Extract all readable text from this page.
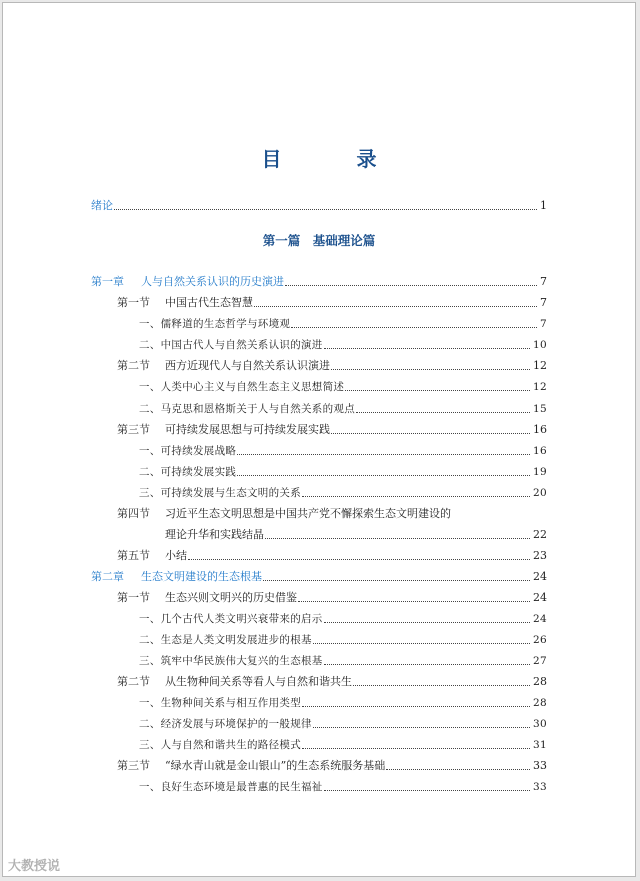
目 录
第一篇　基础理论篇
绪论	1
第一章 人与自然关系认识的历史演进	7
第一节 中国古代生态智慧	7
一、儒释道的生态哲学与环境观	7
二、中国古代人与自然关系认识的演进	10
第二节 西方近现代人与自然关系认识演进	12
一、人类中心主义与自然生态主义思想简述	12
二、马克思和恩格斯关于人与自然关系的观点	15
第三节 可持续发展思想与可持续发展实践	16
一、可持续发展战略	16
二、可持续发展实践	19
三、可持续发展与生态文明的关系	20
第四节 习近平生态文明思想是中国共产党不懈探索生态文明建设的
理论升华和实践结晶	22
第五节 小结	23
第二章 生态文明建设的生态根基	24
第一节 生态兴则文明兴的历史借鉴	24
一、几个古代人类文明兴衰带来的启示	24
二、生态是人类文明发展进步的根基	26
三、筑牢中华民族伟大复兴的生态根基	27
第二节 从生物种间关系等看人与自然和谐共生	28
一、生物种间关系与相互作用类型	28
二、经济发展与环境保护的一般规律	30
三、人与自然和谐共生的路径模式	31
第三节 “绿水青山就是金山银山”的生态系统服务基础	33
一、良好生态环境是最普惠的民生福祉	33
大教授说
